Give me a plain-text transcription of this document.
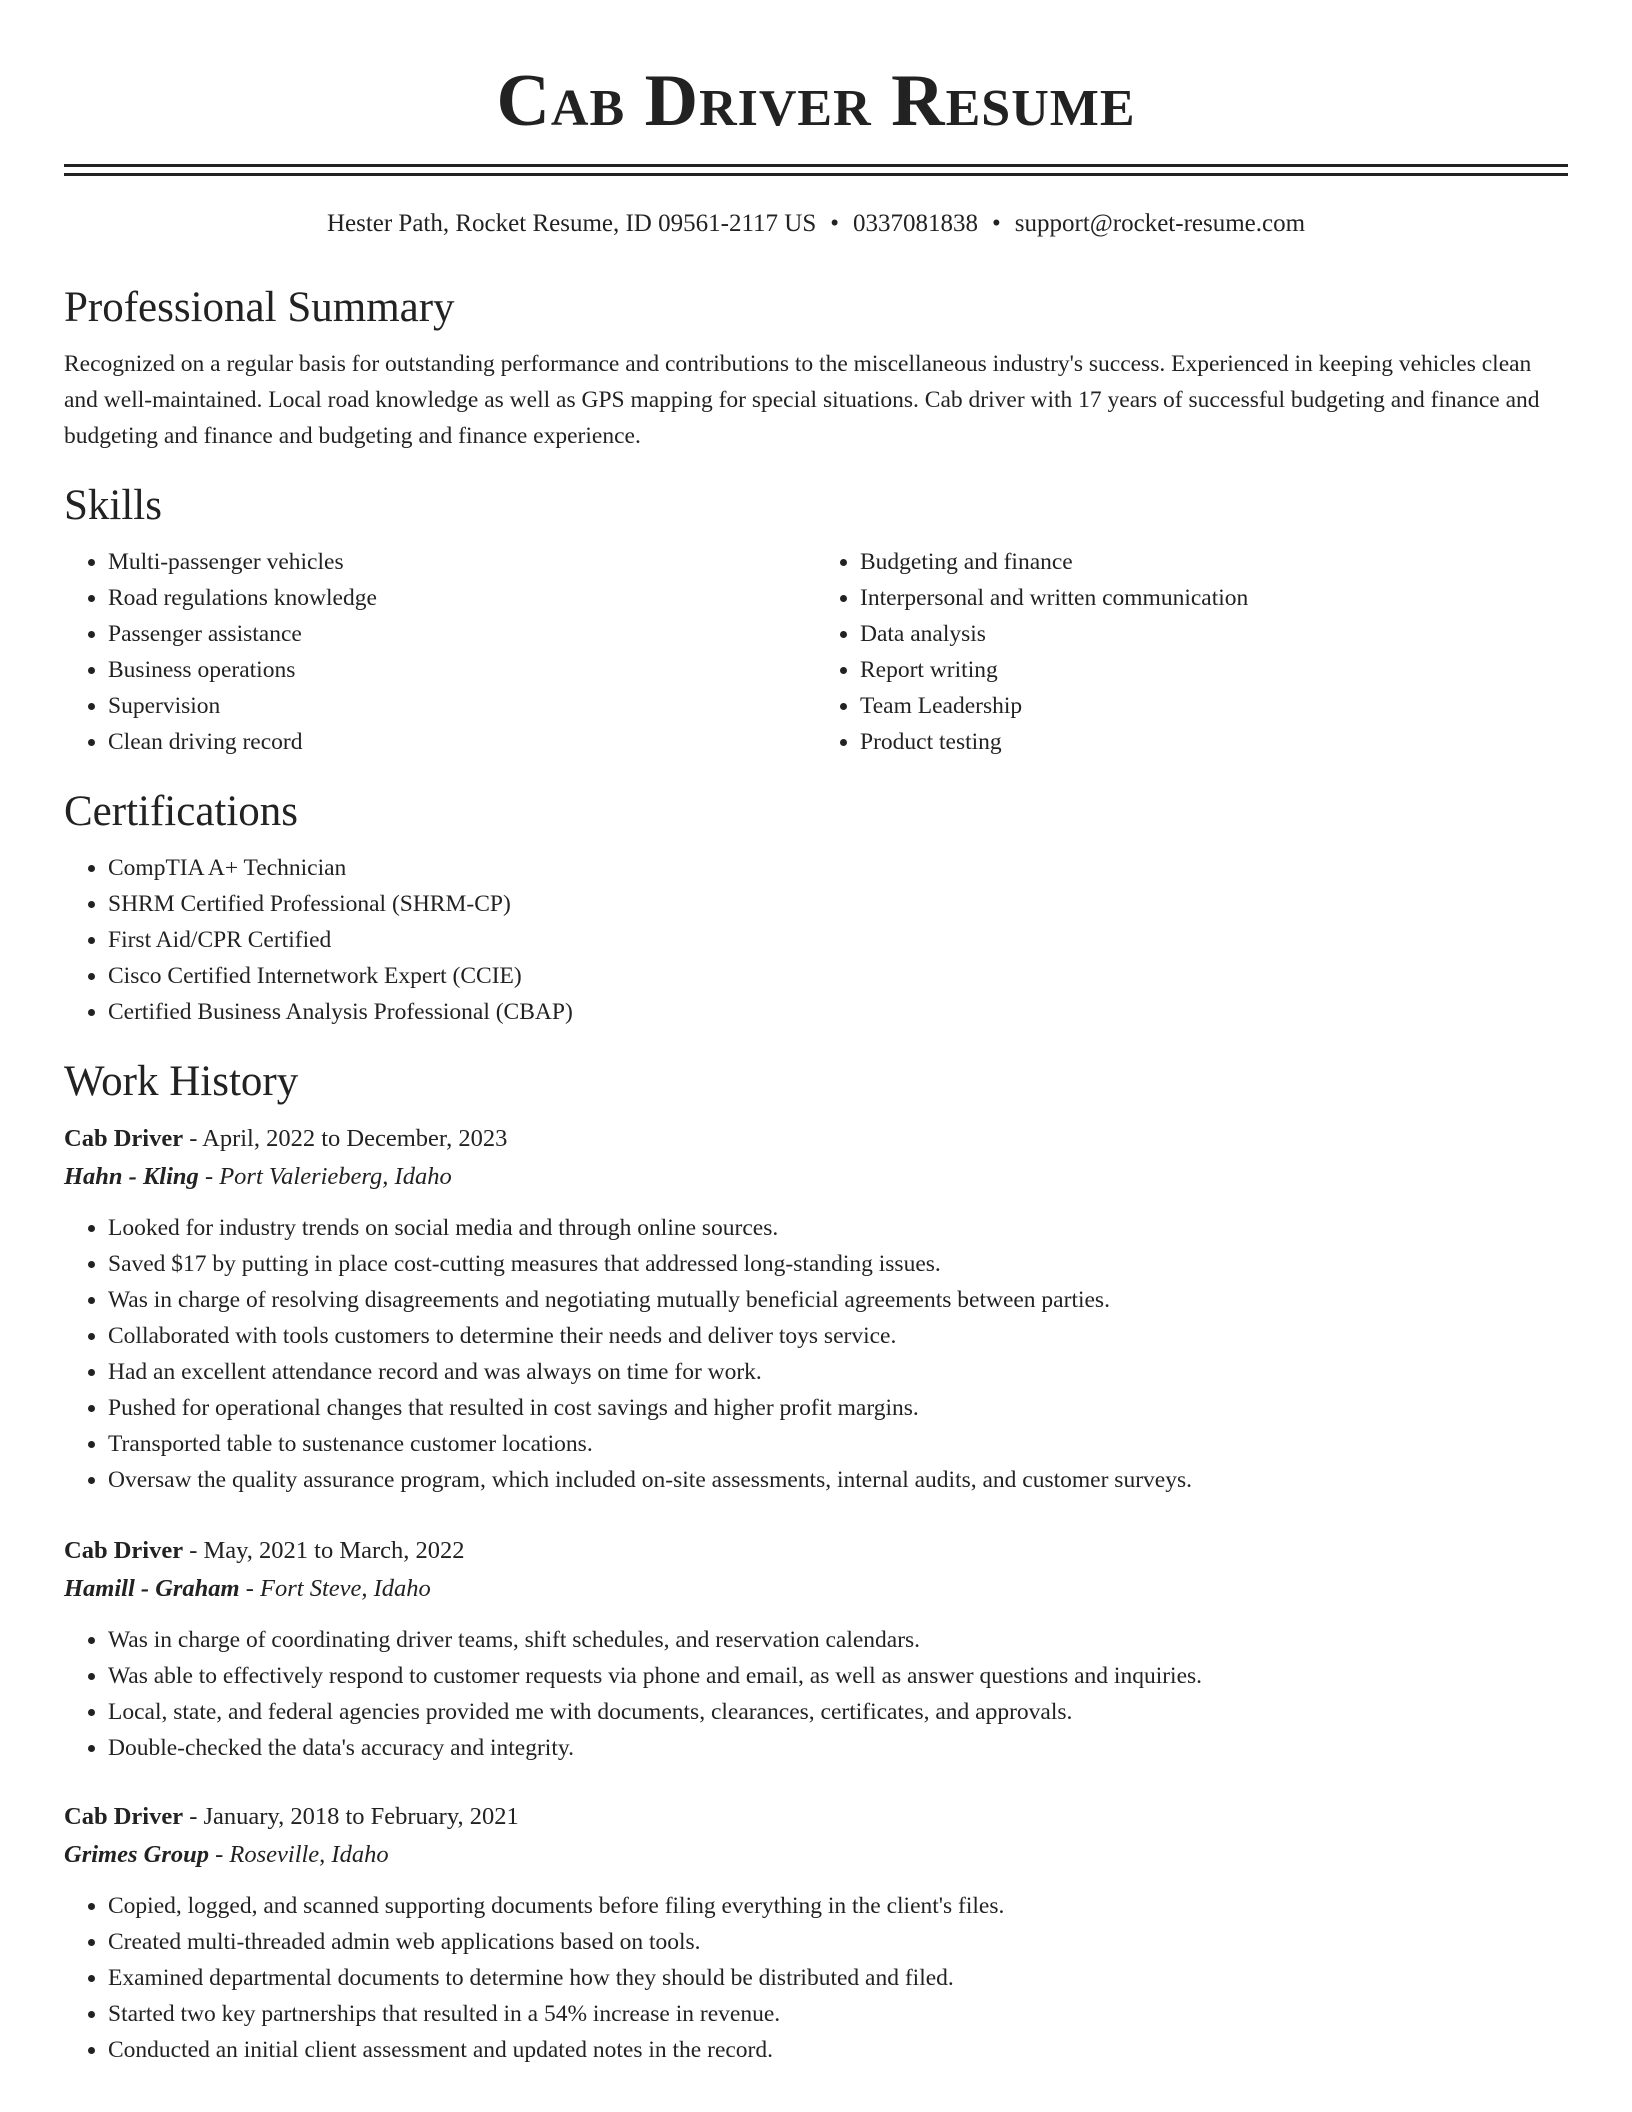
Cab Driver Resume
Hester Path, Rocket Resume, ID 09561-2117 US • 0337081838 • support@rocket-resume.com
Professional Summary
Recognized on a regular basis for outstanding performance and contributions to the miscellaneous industry's success. Experienced in keeping vehicles clean and well-maintained. Local road knowledge as well as GPS mapping for special situations. Cab driver with 17 years of successful budgeting and finance and budgeting and finance and budgeting and finance experience.
Skills
• Multi-passenger vehicles
• Road regulations knowledge
• Passenger assistance
• Business operations
• Supervision
• Clean driving record
• Budgeting and finance
• Interpersonal and written communication
• Data analysis
• Report writing
• Team Leadership
• Product testing
Certifications
• CompTIA A+ Technician
• SHRM Certified Professional (SHRM-CP)
• First Aid/CPR Certified
• Cisco Certified Internetwork Expert (CCIE)
• Certified Business Analysis Professional (CBAP)
Work History
Cab Driver - April, 2022 to December, 2023
Hahn - Kling - Port Valerieberg, Idaho
• Looked for industry trends on social media and through online sources.
• Saved $17 by putting in place cost-cutting measures that addressed long-standing issues.
• Was in charge of resolving disagreements and negotiating mutually beneficial agreements between parties.
• Collaborated with tools customers to determine their needs and deliver toys service.
• Had an excellent attendance record and was always on time for work.
• Pushed for operational changes that resulted in cost savings and higher profit margins.
• Transported table to sustenance customer locations.
• Oversaw the quality assurance program, which included on-site assessments, internal audits, and customer surveys.
Cab Driver - May, 2021 to March, 2022
Hamill - Graham - Fort Steve, Idaho
• Was in charge of coordinating driver teams, shift schedules, and reservation calendars.
• Was able to effectively respond to customer requests via phone and email, as well as answer questions and inquiries.
• Local, state, and federal agencies provided me with documents, clearances, certificates, and approvals.
• Double-checked the data's accuracy and integrity.
Cab Driver - January, 2018 to February, 2021
Grimes Group - Roseville, Idaho
• Copied, logged, and scanned supporting documents before filing everything in the client's files.
• Created multi-threaded admin web applications based on tools.
• Examined departmental documents to determine how they should be distributed and filed.
• Started two key partnerships that resulted in a 54% increase in revenue.
• Conducted an initial client assessment and updated notes in the record.
